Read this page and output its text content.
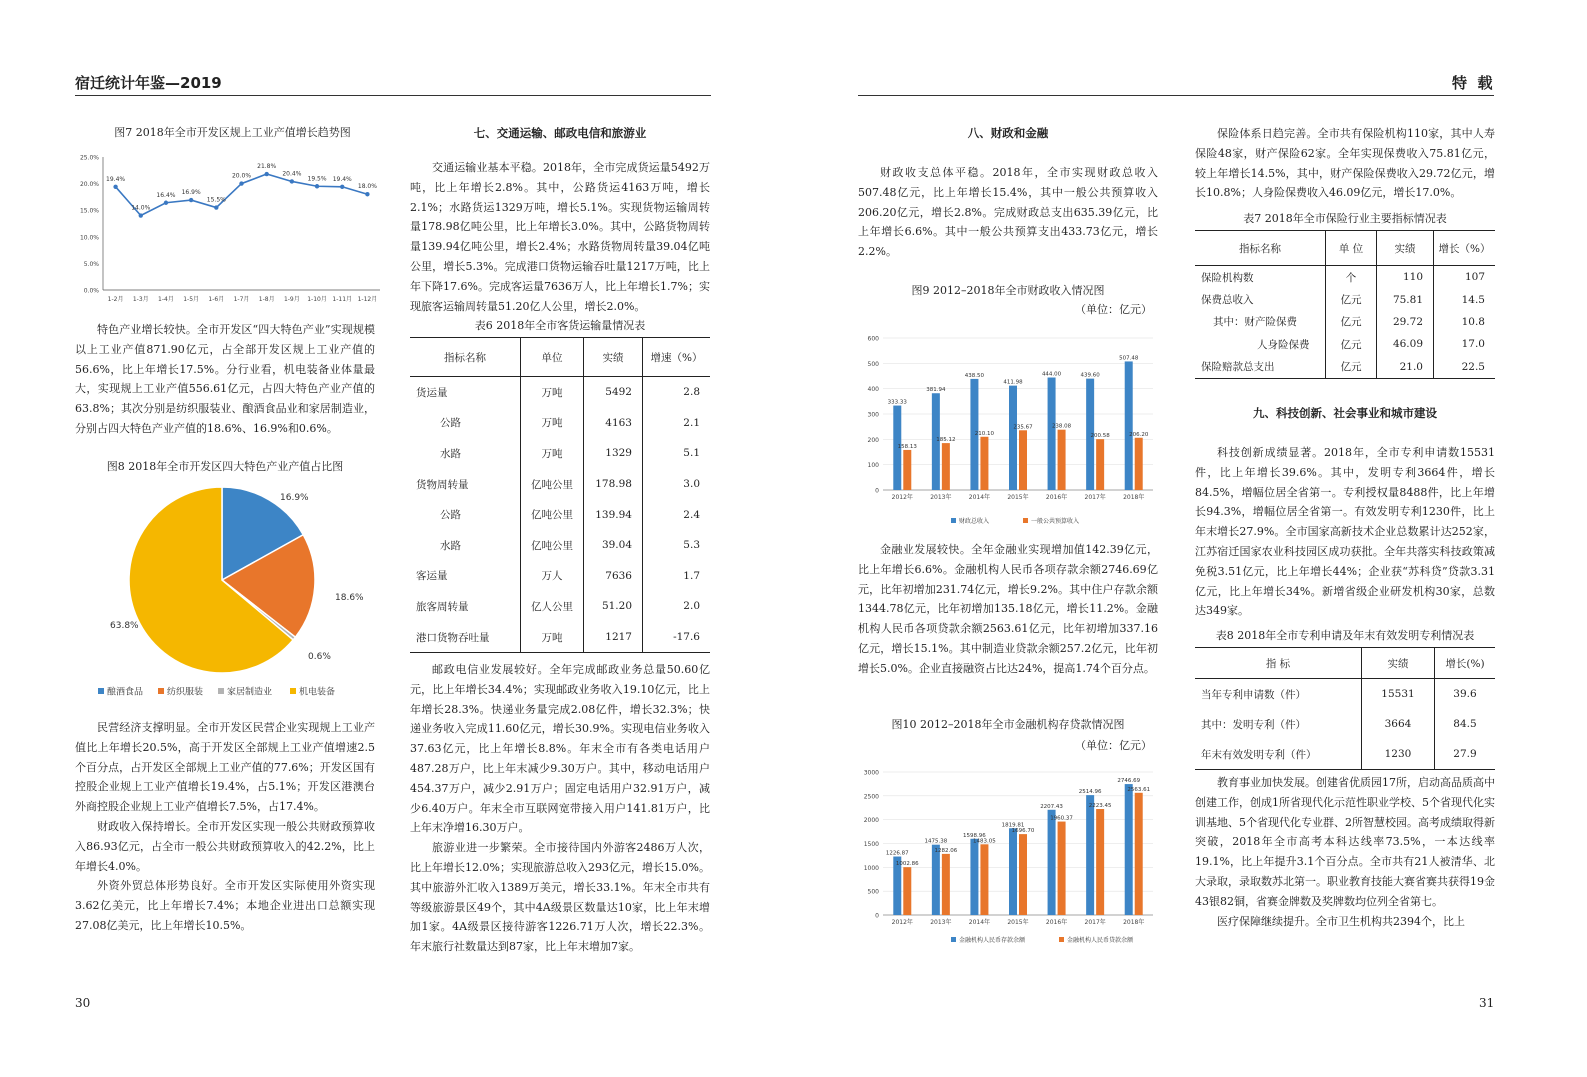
宿迁统计年鉴—2019	特  载
图7 2018年全市开发区规上工业产值增长趋势图
0.0%
5.0%
10.0%
15.0%
20.0%
25.0%
1-2月 1-3月 1-4月 1-5月 1-6月 1-7月 1-8月 1-9月 1-10月 1-11月 1-12月
19.4%
14.0%
16.4% 16.9%
15.5%
20.0%
21.8%
20.4%
19.5% 19.4%
18.0%

特色产业增长较快。全市开发区“四大特色产业”实现规模以上工业产值871.90亿元，占全部开发区规上工业产值的56.6%，比上年增长17.5%。分行业看，机电装备业体量最大，实现规上工业产值556.61亿元，占四大特色产业产值的63.8%；其次分别是纺织服装业、酿酒食品业和家居制造业，分别占四大特色产业产值的18.6%、16.9%和0.6%。

图8 2018年全市开发区四大特色产业产值占比图
16.9%
18.6%
0.6%
63.8%
酿酒食品	纺织服装	家居制造业	机电装备

民营经济支撑明显。全市开发区民营企业实现规上工业产值比上年增长20.5%，高于开发区全部规上工业产值增速2.5个百分点，占开发区全部规上工业产值的77.6%；开发区国有控股企业规上工业产值增长19.4%，占5.1%；开发区港澳台外商控股企业规上工业产值增长7.5%，占17.4%。

财政收入保持增长。全市开发区实现一般公共财政预算收入86.93亿元，占全市一般公共财政预算收入的42.2%，比上年增长4.0%。

外资外贸总体形势良好。全市开发区实际使用外资实现3.62亿美元，比上年增长7.4%；本地企业进出口总额实现27.08亿美元，比上年增长10.5%。

七、交通运输、邮政电信和旅游业

交通运输业基本平稳。2018年，全市完成货运量5492万吨，比上年增长2.8%。其中，公路货运4163万吨，增长2.1%；水路货运1329万吨，增长5.1%。实现货物运输周转量178.98亿吨公里，比上年增长3.0%。其中，公路货物周转量139.94亿吨公里，增长2.4%；水路货物周转量39.04亿吨公里，增长5.3%。完成港口货物运输吞吐量1217万吨，比上年下降17.6%。完成客运量7636万人，比上年增长1.7%；实现旅客运输周转量51.20亿人公里，增长2.0%。

表6 2018年全市客货运输量情况表
指标名称	单位	实绩	增速（%）
货运量	万吨	5492	2.8
公路	万吨	4163	2.1
水路	万吨	1329	5.1
货物周转量	亿吨公里	178.98	3.0
公路	亿吨公里	139.94	2.4
水路	亿吨公里	39.04	5.3
客运量	万人	7636	1.7
旅客周转量	亿人公里	51.20	2.0
港口货物吞吐量	万吨	1217	-17.6

邮政电信业发展较好。全年完成邮政业务总量50.60亿元，比上年增长34.4%；实现邮政业务收入19.10亿元，比上年增长28.3%。快递业务量完成2.08亿件，增长32.3%；快递业务收入完成11.60亿元，增长30.9%。实现电信业务收入37.63亿元，比上年增长8.8%。年末全市有各类电话用户487.28万户，比上年末减少9.30万户。其中，移动电话用户454.37万户，减少2.91万户；固定电话用户32.91万户，减少6.40万户。年末全市互联网宽带接入用户141.81万户，比上年末净增16.30万户。

旅游业进一步繁荣。全市接待国内外游客2486万人次，比上年增长12.0%；实现旅游总收入293亿元，增长15.0%。其中旅游外汇收入1389万美元，增长33.1%。年末全市共有等级旅游景区49个，其中4A级景区数量达10家，比上年末增加1家。4A级景区接待游客1226.71万人次，增长22.3%。年末旅行社数量达到87家，比上年末增加7家。

八、财政和金融

财政收支总体平稳。2018年，全市实现财政总收入507.48亿元，比上年增长15.4%，其中一般公共预算收入206.20亿元，增长2.8%。完成财政总支出635.39亿元，比上年增长6.6%。其中一般公共预算支出433.73亿元，增长2.2%。

图9 2012–2018年全市财政收入情况图
（单位：亿元）
0
100
200
300
400
500
600
2012年
333.33
158.13
2013年
381.94
185.12
2014年
438.50
210.10
2015年
411.98
235.67
2016年
444.00
238.08
2017年
439.60
200.58
2018年
507.48
206.20
财政总收入	一般公共预算收入

金融业发展较快。全年金融业实现增加值142.39亿元，比上年增长6.6%。金融机构人民币各项存款余额2746.69亿元，比年初增加231.74亿元，增长9.2%。其中住户存款余额1344.78亿元，比年初增加135.18亿元，增长11.2%。金融机构人民币各项贷款余额2563.61亿元，比年初增加337.16亿元，增长15.1%。其中制造业贷款余额257.2亿元，比年初增长5.0%。企业直接融资占比达24%，提高1.74个百分点。

图10 2012–2018年全市金融机构存贷款情况图
（单位：亿元）
0
500
1000
1500
2000
2500
3000
2012年
1226.87
1002.86
2013年
1475.38
1282.06
2014年
1598.96
1483.05
2015年
1819.81
1696.70
2016年
2207.43
1960.37
2017年
2514.96
2223.45
2018年
2746.69
2563.61
金融机构人民币存款余额	金融机构人民币贷款余额

保险体系日趋完善。全市共有保险机构110家，其中人寿保险48家，财产保险62家。全年实现保费收入75.81亿元，较上年增长14.5%，其中，财产保险保费收入29.72亿元，增长10.8%；人身险保费收入46.09亿元，增长17.0%。

表7 2018年全市保险行业主要指标情况表
指标名称	单 位	实绩	增长（%）
保险机构数	个	110	107
保费总收入	亿元	75.81	14.5
其中：财产险保费	亿元	29.72	10.8
人身险保费	亿元	46.09	17.0
保险赔款总支出	亿元	21.0	22.5
九、科技创新、社会事业和城市建设

科技创新成绩显著。2018年，全市专利申请数15531件，比上年增长39.6%。其中，发明专利3664件，增长84.5%，增幅位居全省第一。专利授权量8488件，比上年增长94.3%，增幅位居全省第一。有效发明专利1230件，比上年末增长27.9%。全市国家高新技术企业总数累计达252家，江苏宿迁国家农业科技园区成功获批。全年共落实科技政策减免税3.51亿元，比上年增长44%；企业获“苏科贷”贷款3.31亿元，比上年增长34%。新增省级企业研发机构30家，总数达349家。

表8 2018年全市专利申请及年末有效发明专利情况表
指 标	实绩	增长(%)
当年专利申请数（件）	15531	39.6
其中：发明专利（件）	3664	84.5
年末有效发明专利（件）	1230	27.9

教育事业加快发展。创建省优质园17所，启动高品质高中创建工作，创成1所省现代化示范性职业学校、5个省现代化实训基地、5个省现代化专业群、2所智慧校园。高考成绩取得新突破，2018年全市高考本科达线率73.5%，一本达线率19.1%，比上年提升3.1个百分点。全市共有21人被清华、北大录取，录取数苏北第一。职业教育技能大赛省赛共获得19金43银82铜，省赛金牌数及奖牌数均位列全省第七。

医疗保障继续提升。全市卫生机构共2394个，比上

30	31
